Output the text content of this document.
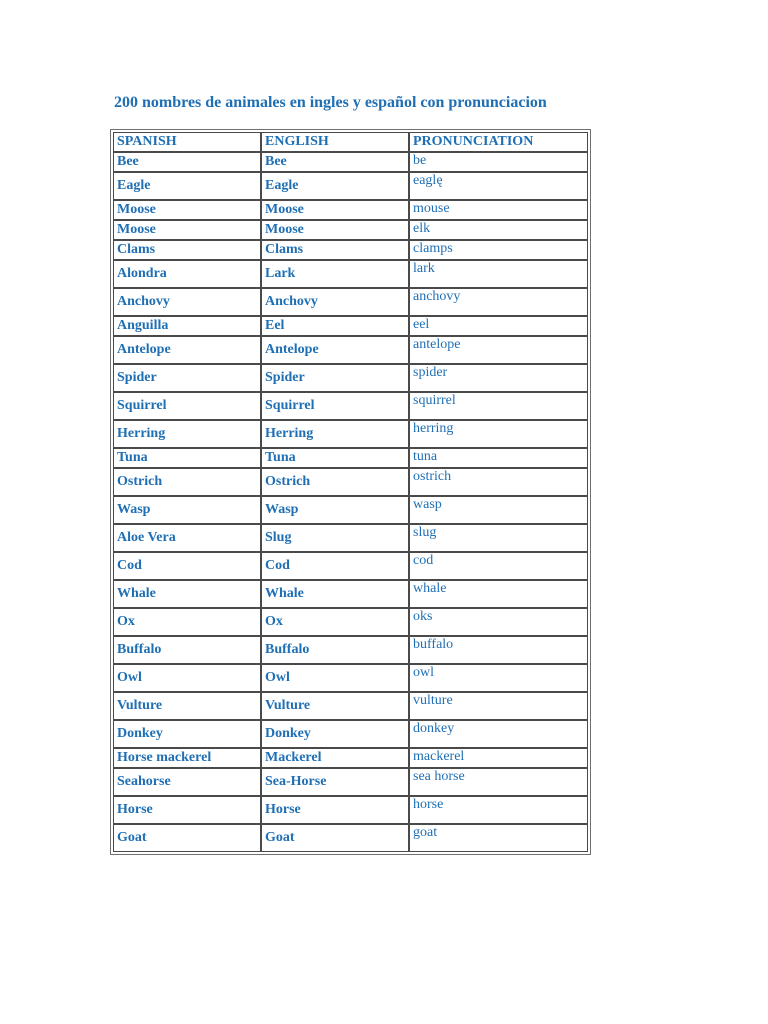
200 nombres de animales en ingles y español con pronunciacion
SPANISH	ENGLISH	PRONUNCIATION
Bee	Bee	be
Eagle	Eagle	eaglę
Moose	Moose	mouse
Moose	Moose	elk
Clams	Clams	clamps
Alondra	Lark	lark
Anchovy	Anchovy	anchovy
Anguilla	Eel	eel
Antelope	Antelope	antelope
Spider	Spider	spider
Squirrel	Squirrel	squirrel
Herring	Herring	herring
Tuna	Tuna	tuna
Ostrich	Ostrich	ostrich
Wasp	Wasp	wasp
Aloe Vera	Slug	slug
Cod	Cod	cod
Whale	Whale	whale
Ox	Ox	oks
Buffalo	Buffalo	buffalo
Owl	Owl	owl
Vulture	Vulture	vulture
Donkey	Donkey	donkey
Horse mackerel	Mackerel	mackerel
Seahorse	Sea-Horse	sea horse
Horse	Horse	horse
Goat	Goat	goat
